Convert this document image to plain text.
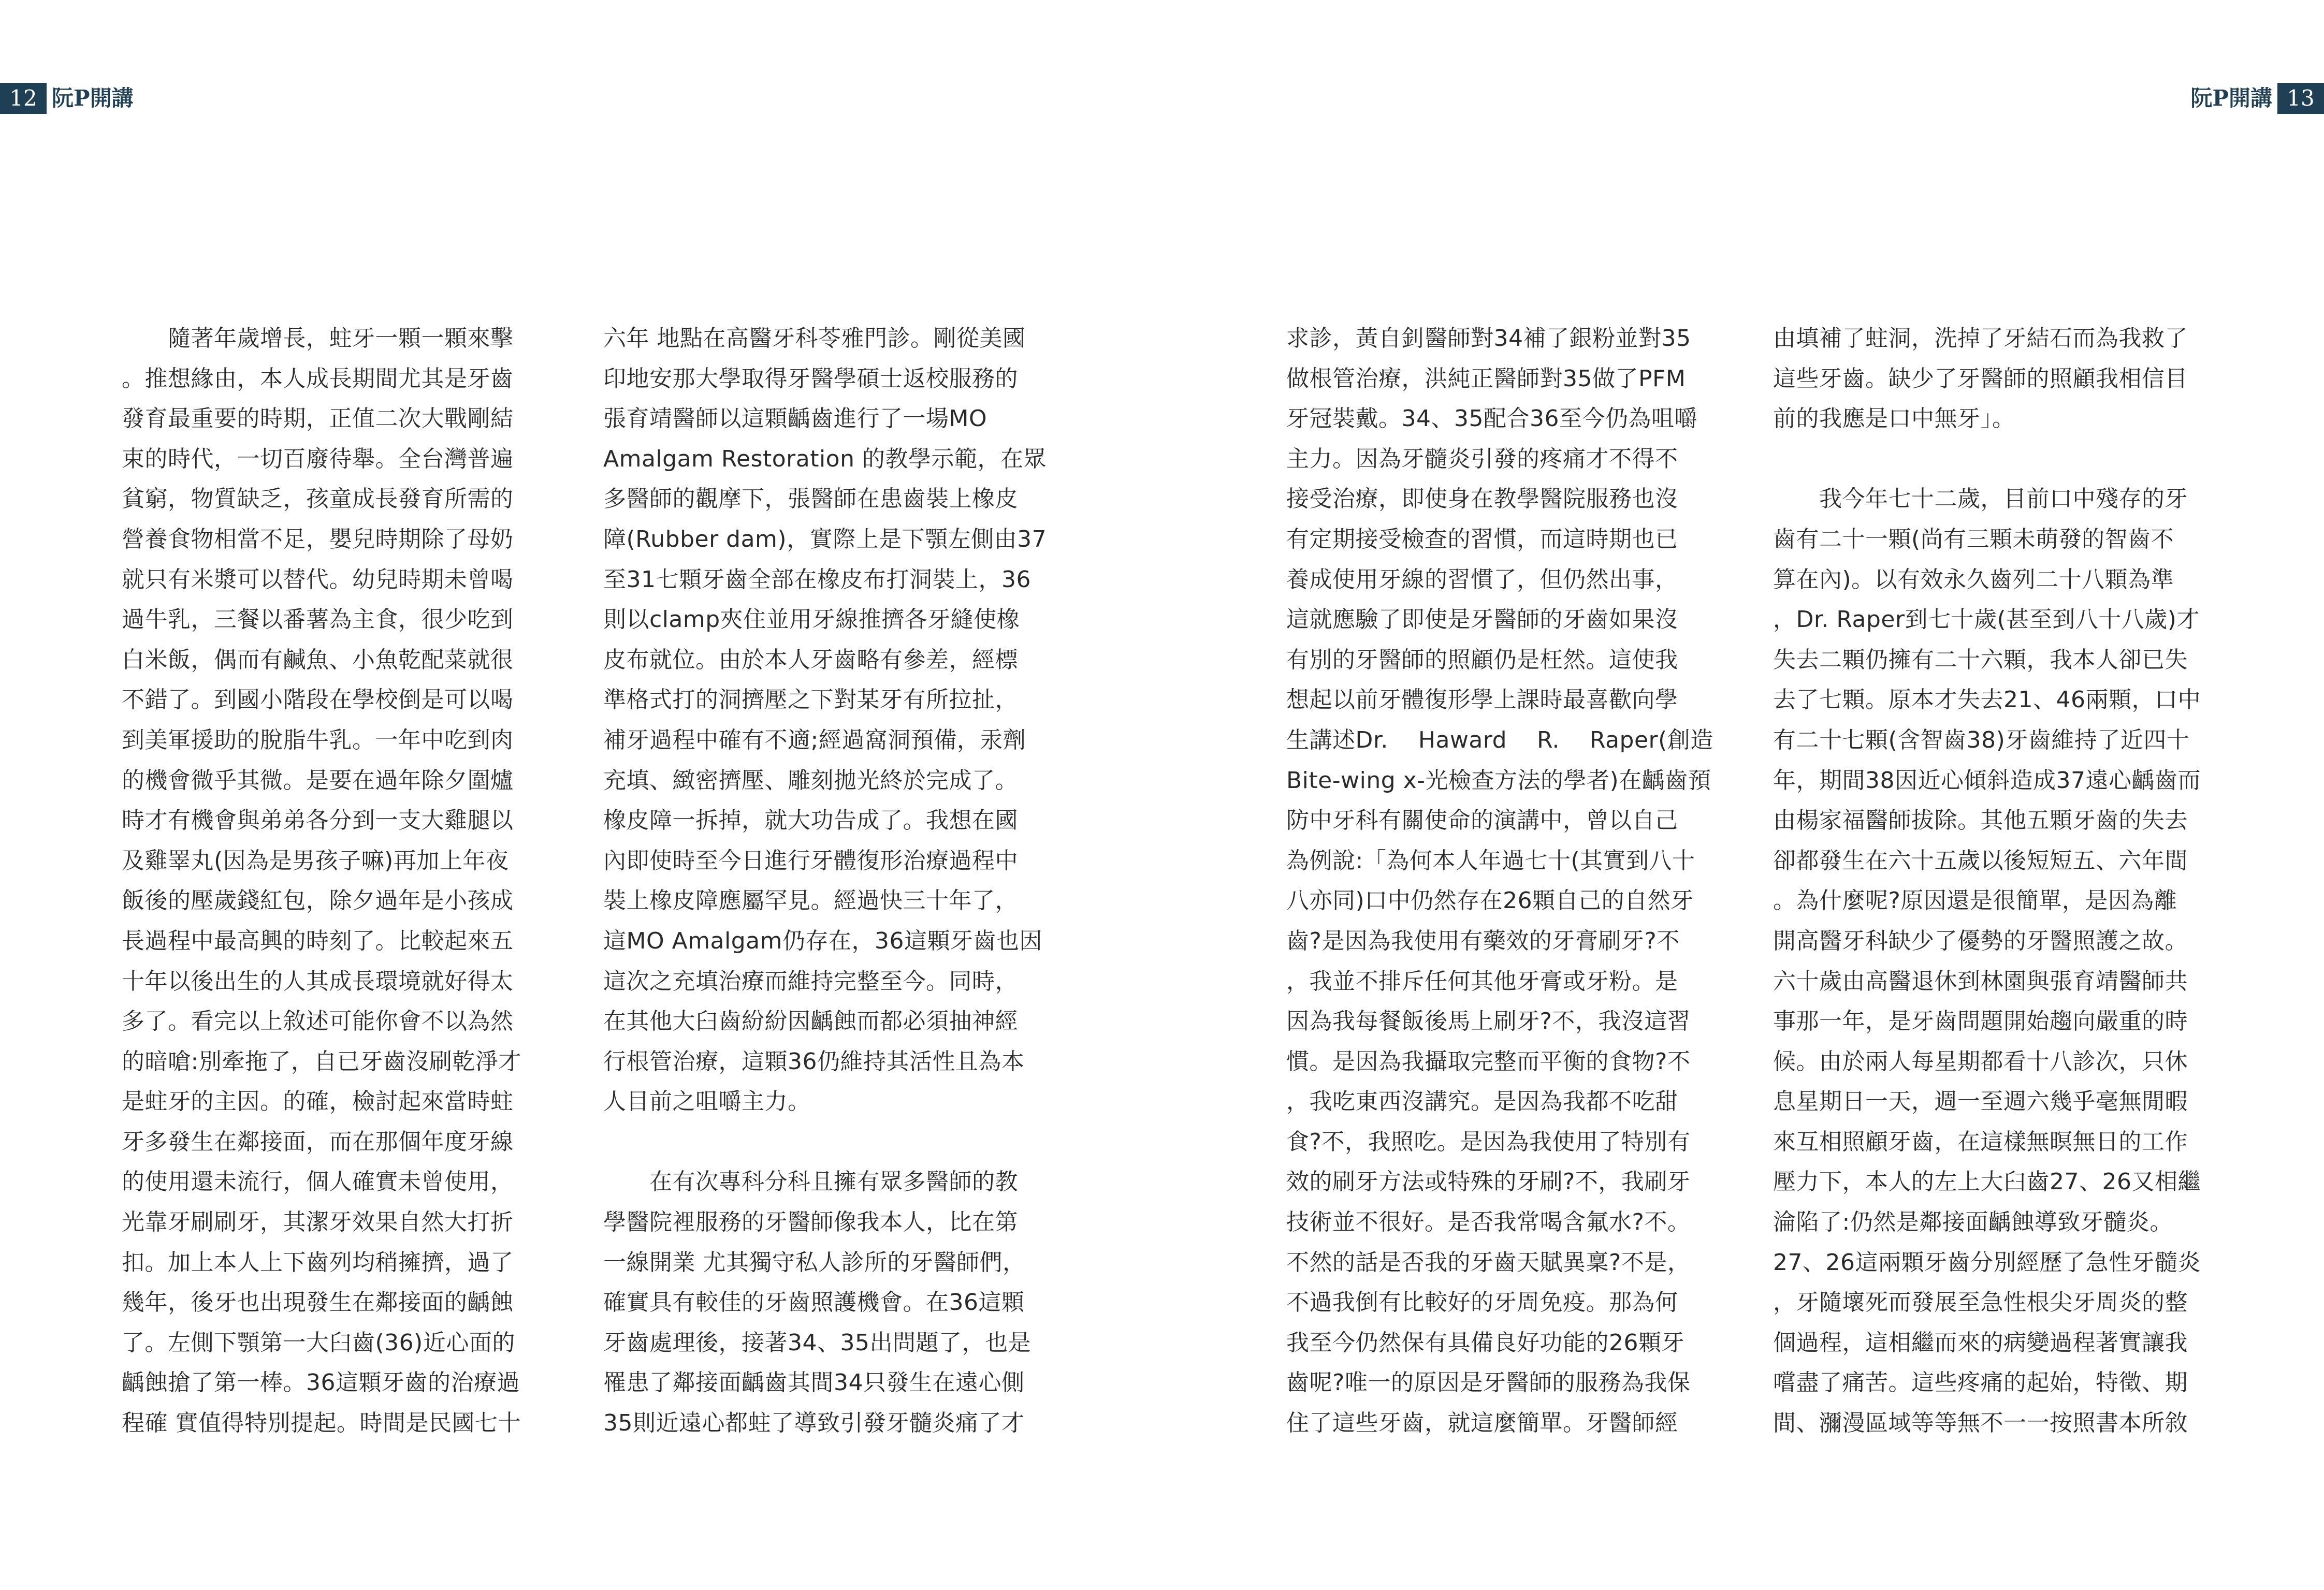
12 阮P開講

　　隨著年歲增長，蛀牙一顆一顆來擊
。推想緣由，本人成長期間尤其是牙齒
發育最重要的時期，正值二次大戰剛結
束的時代，一切百廢待舉。全台灣普遍
貧窮，物質缺乏，孩童成長發育所需的
營養食物相當不足，嬰兒時期除了母奶
就只有米漿可以替代。幼兒時期未曾喝
過牛乳，三餐以番薯為主食，很少吃到
白米飯，偶而有鹹魚、小魚乾配菜就很
不錯了。到國小階段在學校倒是可以喝
到美軍援助的脫脂牛乳。一年中吃到肉
的機會微乎其微。是要在過年除夕圍爐
時才有機會與弟弟各分到一支大雞腿以
及雞睪丸(因為是男孩子嘛)再加上年夜
飯後的壓歲錢紅包，除夕過年是小孩成
長過程中最高興的時刻了。比較起來五
十年以後出生的人其成長環境就好得太
多了。看完以上敘述可能你會不以為然
的暗嗆:別牽拖了，自已牙齒沒刷乾淨才
是蛀牙的主因。的確，檢討起來當時蛀
牙多發生在鄰接面，而在那個年度牙線
的使用還未流行，個人確實未曾使用，
光靠牙刷刷牙，其潔牙效果自然大打折
扣。加上本人上下齒列均稍擁擠，過了
幾年，後牙也出現發生在鄰接面的齲蝕
了。左側下顎第一大臼齒(36)近心面的
齲蝕搶了第一棒。36這顆牙齒的治療過
程確 實值得特別提起。時間是民國七十

六年 地點在高醫牙科苓雅門診。剛從美國
印地安那大學取得牙醫學碩士返校服務的
張育靖醫師以這顆齲齒進行了一場MO
Amalgam Restoration 的教學示範，在眾
多醫師的觀摩下，張醫師在患齒裝上橡皮
障(Rubber dam)，實際上是下顎左側由37
至31七顆牙齒全部在橡皮布打洞裝上，36
則以clamp夾住並用牙線推擠各牙縫使橡
皮布就位。由於本人牙齒略有參差，經標
準格式打的洞擠壓之下對某牙有所拉扯，
補牙過程中確有不適;經過窩洞預備，汞劑
充填、緻密擠壓、雕刻拋光終於完成了。
橡皮障一拆掉，就大功告成了。我想在國
內即使時至今日進行牙體復形治療過程中
裝上橡皮障應屬罕見。經過快三十年了，
這MO Amalgam仍存在，36這顆牙齒也因
這次之充填治療而維持完整至今。同時，
在其他大臼齒紛紛因齲蝕而都必須抽神經
行根管治療，這顆36仍維持其活性且為本
人目前之咀嚼主力。

　　在有次專科分科且擁有眾多醫師的教
學醫院裡服務的牙醫師像我本人，比在第
一線開業 尤其獨守私人診所的牙醫師們，
確實具有較佳的牙齒照護機會。在36這顆
牙齒處理後，接著34、35出問題了，也是
罹患了鄰接面齲齒其間34只發生在遠心側
35則近遠心都蛀了導致引發牙髓炎痛了才

阮P開講 13

求診，黃自釗醫師對34補了銀粉並對35
做根管治療，洪純正醫師對35做了PFM
牙冠裝戴。34、35配合36至今仍為咀嚼
主力。因為牙髓炎引發的疼痛才不得不
接受治療，即使身在教學醫院服務也沒
有定期接受檢查的習慣，而這時期也已
養成使用牙線的習慣了，但仍然出事，
這就應驗了即使是牙醫師的牙齒如果沒
有別的牙醫師的照顧仍是枉然。這使我
想起以前牙體復形學上課時最喜歡向學
生講述Dr.    Haward    R.    Raper(創造
Bite-wing x-光檢查方法的學者)在齲齒預
防中牙科有關使命的演講中，曾以自己
為例說:「為何本人年過七十(其實到八十
八亦同)口中仍然存在26顆自己的自然牙
齒?是因為我使用有藥效的牙膏刷牙?不
，我並不排斥任何其他牙膏或牙粉。是
因為我每餐飯後馬上刷牙?不，我沒這習
慣。是因為我攝取完整而平衡的食物?不
，我吃東西沒講究。是因為我都不吃甜
食?不，我照吃。是因為我使用了特別有
效的刷牙方法或特殊的牙刷?不，我刷牙
技術並不很好。是否我常喝含氟水?不。
不然的話是否我的牙齒天賦異稟?不是，
不過我倒有比較好的牙周免疫。那為何
我至今仍然保有具備良好功能的26顆牙
齒呢?唯一的原因是牙醫師的服務為我保
住了這些牙齒，就這麼簡單。牙醫師經

由填補了蛀洞，洗掉了牙結石而為我救了
這些牙齒。缺少了牙醫師的照顧我相信目
前的我應是口中無牙」。

　　我今年七十二歲，目前口中殘存的牙
齒有二十一顆(尚有三顆未萌發的智齒不
算在內)。以有效永久齒列二十八顆為準
，Dr. Raper到七十歲(甚至到八十八歲)才
失去二顆仍擁有二十六顆，我本人卻已失
去了七顆。原本才失去21、46兩顆，口中
有二十七顆(含智齒38)牙齒維持了近四十
年，期間38因近心傾斜造成37遠心齲齒而
由楊家福醫師拔除。其他五顆牙齒的失去
卻都發生在六十五歲以後短短五、六年間
。為什麼呢?原因還是很簡單，是因為離
開高醫牙科缺少了優勢的牙醫照護之故。
六十歲由高醫退休到林園與張育靖醫師共
事那一年，是牙齒問題開始趨向嚴重的時
候。由於兩人每星期都看十八診次，只休
息星期日一天，週一至週六幾乎毫無閒暇
來互相照顧牙齒，在這樣無暝無日的工作
壓力下，本人的左上大臼齒27、26又相繼
淪陷了:仍然是鄰接面齲蝕導致牙髓炎。
27、26這兩顆牙齒分別經歷了急性牙髓炎
，牙隨壞死而發展至急性根尖牙周炎的整
個過程，這相繼而來的病變過程著實讓我
嚐盡了痛苦。這些疼痛的起始，特徵、期
間、瀰漫區域等等無不一一按照書本所敘
